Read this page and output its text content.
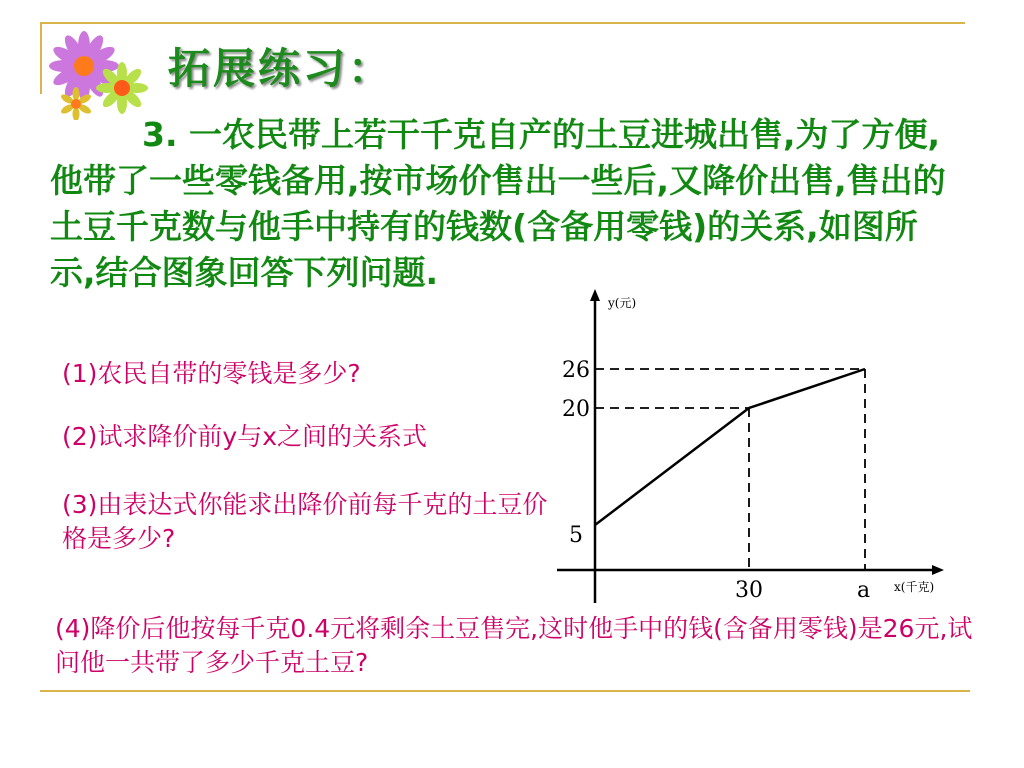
拓展练习：

3. 一农民带上若干千克自产的土豆进城出售,为了方便,他带了一些零钱备用,按市场价售出一些后,又降价出售,售出的土豆千克数与他手中持有的钱数(含备用零钱)的关系,如图所示,结合图象回答下列问题.

(1)农民自带的零钱是多少?
(2)试求降价前y与x之间的关系式
(3)由表达式你能求出降价前每千克的土豆价格是多少?
(4)降价后他按每千克0.4元将剩余土豆售完,这时他手中的钱(含备用零钱)是26元,试问他一共带了多少千克土豆?
y(元)
x(千克)
26
20
5
30	a
